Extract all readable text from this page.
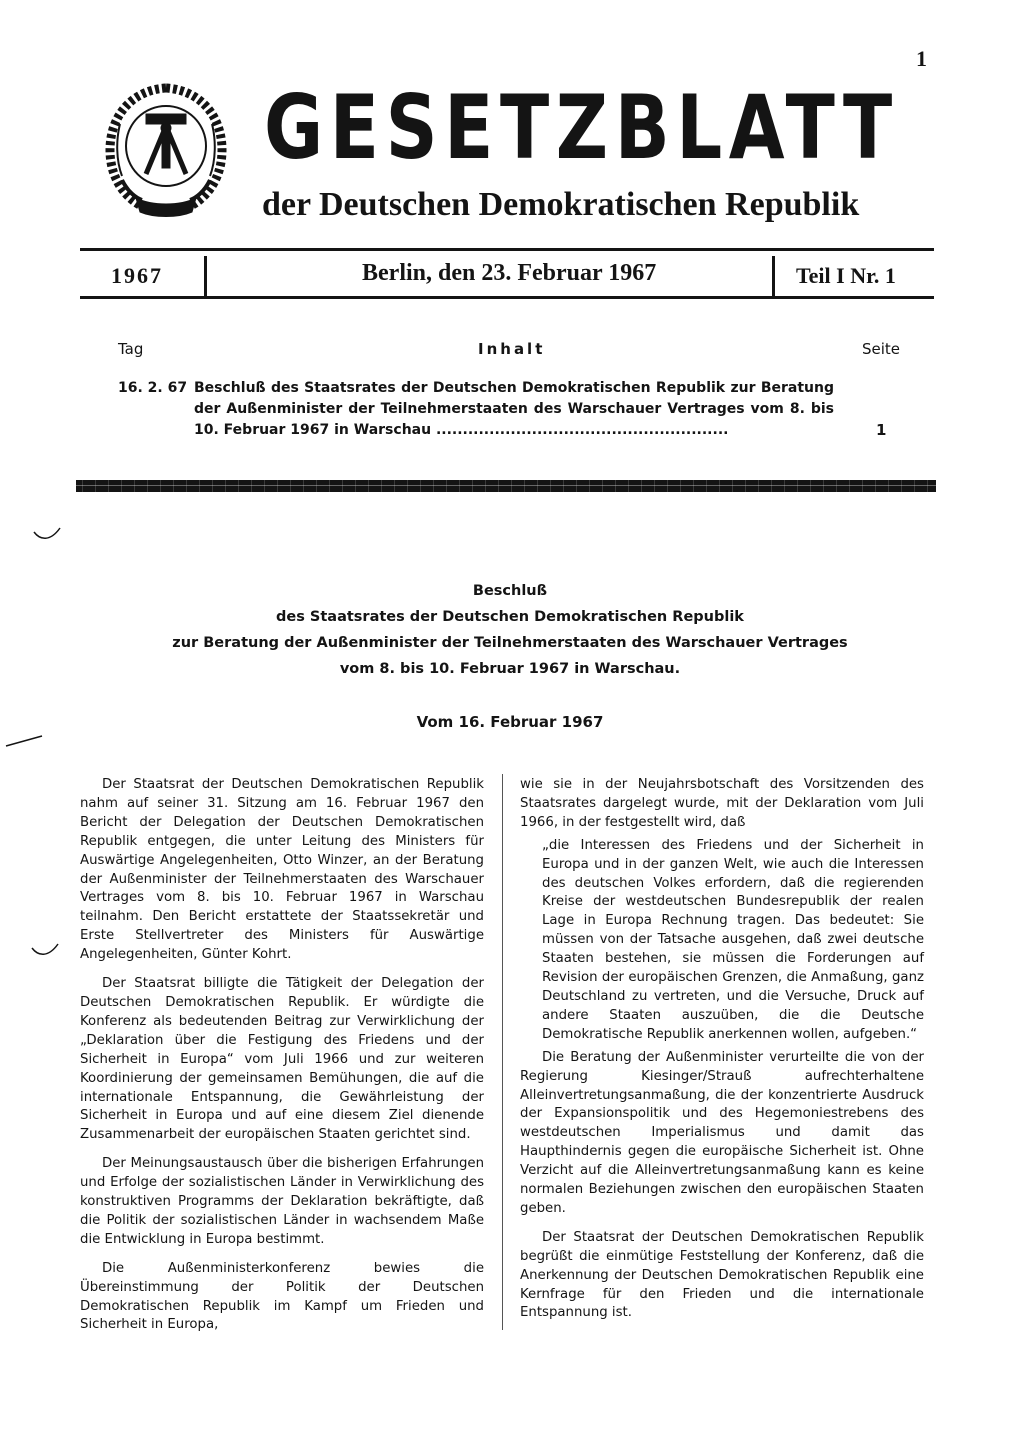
1
GESETZBLATT
der Deutschen Demokratischen Republik
1967	Berlin, den 23. Februar 1967	Teil I Nr. 1
Tag	Inhalt	Seite
16. 2. 67 Beschluß des Staatsrates der Deutschen Demokratischen Republik zur Beratung der Außenminister der Teilnehmerstaaten des Warschauer Vertrages vom 8. bis 10. Februar 1967 in Warschau .......................................................	1
Beschluß
des Staatsrates der Deutschen Demokratischen Republik
zur Beratung der Außenminister der Teilnehmerstaaten des Warschauer Vertrages
vom 8. bis 10. Februar 1967 in Warschau.
Vom 16. Februar 1967

Der Staatsrat der Deutschen Demokratischen Republik nahm auf seiner 31. Sitzung am 16. Februar 1967 den Bericht der Delegation der Deutschen Demokratischen Republik entgegen, die unter Leitung des Ministers für Auswärtige Angelegenheiten, Otto Winzer, an der Beratung der Außenminister der Teilnehmerstaaten des Warschauer Vertrages vom 8. bis 10. Februar 1967 in Warschau teilnahm. Den Bericht erstattete der Staatssekretär und Erste Stellvertreter des Ministers für Auswärtige Angelegenheiten, Günter Kohrt.

Der Staatsrat billigte die Tätigkeit der Delegation der Deutschen Demokratischen Republik. Er würdigte die Konferenz als bedeutenden Beitrag zur Verwirklichung der „Deklaration über die Festigung des Friedens und der Sicherheit in Europa“ vom Juli 1966 und zur weiteren Koordinierung der gemeinsamen Bemühungen, die auf die internationale Entspannung, die Gewährleistung der Sicherheit in Europa und auf eine diesem Ziel dienende Zusammenarbeit der europäischen Staaten gerichtet sind.

Der Meinungsaustausch über die bisherigen Erfahrungen und Erfolge der sozialistischen Länder in Verwirklichung des konstruktiven Programms der Deklaration bekräftigte, daß die Politik der sozialistischen Länder in wachsendem Maße die Entwicklung in Europa bestimmt.

Die Außenministerkonferenz bewies die Übereinstimmung der Politik der Deutschen Demokratischen Republik im Kampf um Frieden und Sicherheit in Europa,

wie sie in der Neujahrsbotschaft des Vorsitzenden des Staatsrates dargelegt wurde, mit der Deklaration vom Juli 1966, in der festgestellt wird, daß

„die Interessen des Friedens und der Sicherheit in Europa und in der ganzen Welt, wie auch die Interessen des deutschen Volkes erfordern, daß die regierenden Kreise der westdeutschen Bundesrepublik der realen Lage in Europa Rechnung tragen. Das bedeutet: Sie müssen von der Tatsache ausgehen, daß zwei deutsche Staaten bestehen, sie müssen die Forderungen auf Revision der europäischen Grenzen, die Anmaßung, ganz Deutschland zu vertreten, und die Versuche, Druck auf andere Staaten auszuüben, die die Deutsche Demokratische Republik anerkennen wollen, aufgeben.“

Die Beratung der Außenminister verurteilte die von der Regierung Kiesinger/Strauß aufrechterhaltene Alleinvertretungsanmaßung, die der konzentrierte Ausdruck der Expansionspolitik und des Hegemoniestrebens des westdeutschen Imperialismus und damit das Haupthindernis gegen die europäische Sicherheit ist. Ohne Verzicht auf die Alleinvertretungsanmaßung kann es keine normalen Beziehungen zwischen den europäischen Staaten geben.

Der Staatsrat der Deutschen Demokratischen Republik begrüßt die einmütige Feststellung der Konferenz, daß die Anerkennung der Deutschen Demokratischen Republik eine Kernfrage für den Frieden und die internationale Entspannung ist.
